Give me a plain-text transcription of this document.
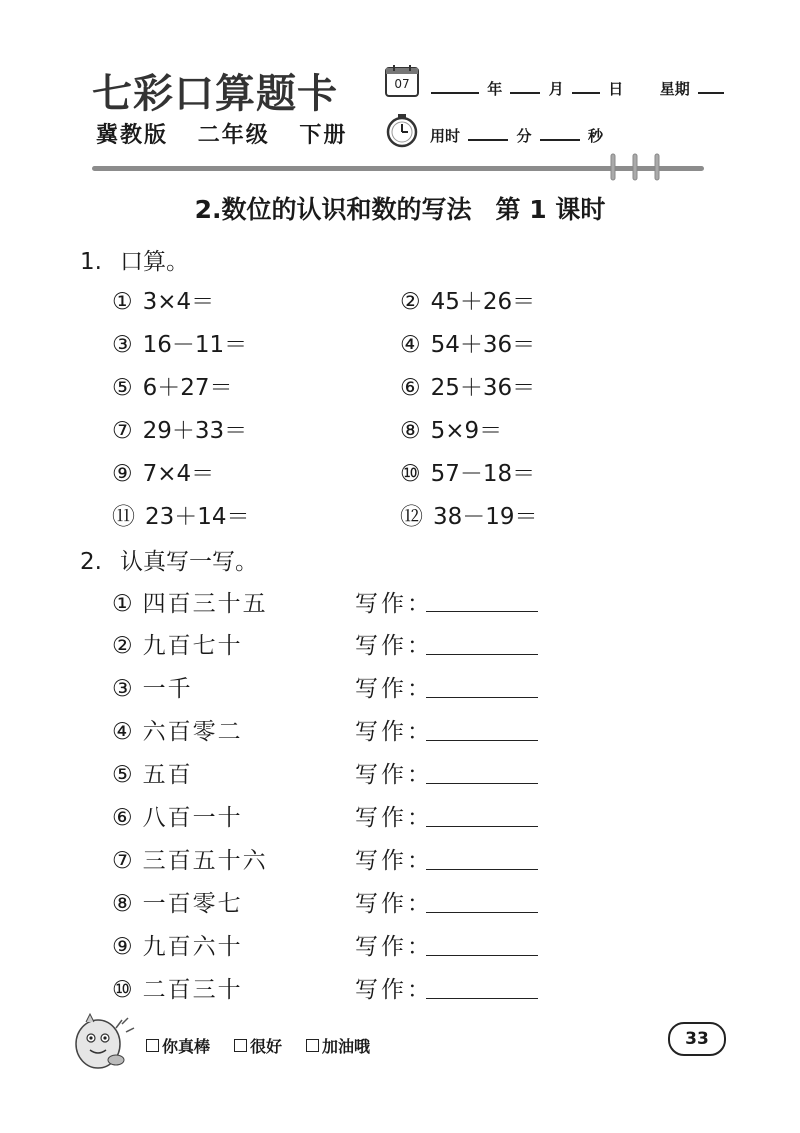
七彩口算题卡
冀教版 二年级 下册
07	年	月	日 星期
用时	分	秒
2.数位的认识和数的写法 第 1 课时
1. 口算。
① 3×4＝	② 45＋26＝
③ 16－11＝	④ 54＋36＝
⑤ 6＋27＝	⑥ 25＋36＝
⑦ 29＋33＝	⑧ 5×9＝
⑨ 7×4＝	⑩ 57－18＝
⑪ 23＋14＝	⑫ 38－19＝
2. 认真写一写。
① 四百三十五	写作：
② 九百七十	写作：
③ 一千	写作：
④ 六百零二	写作：
⑤ 五百	写作：
⑥ 八百一十	写作：
⑦ 三百五十六	写作：
⑧ 一百零七	写作：
⑨ 九百六十	写作：
⑩ 二百三十	写作：
你真棒	很好	加油哦	33
